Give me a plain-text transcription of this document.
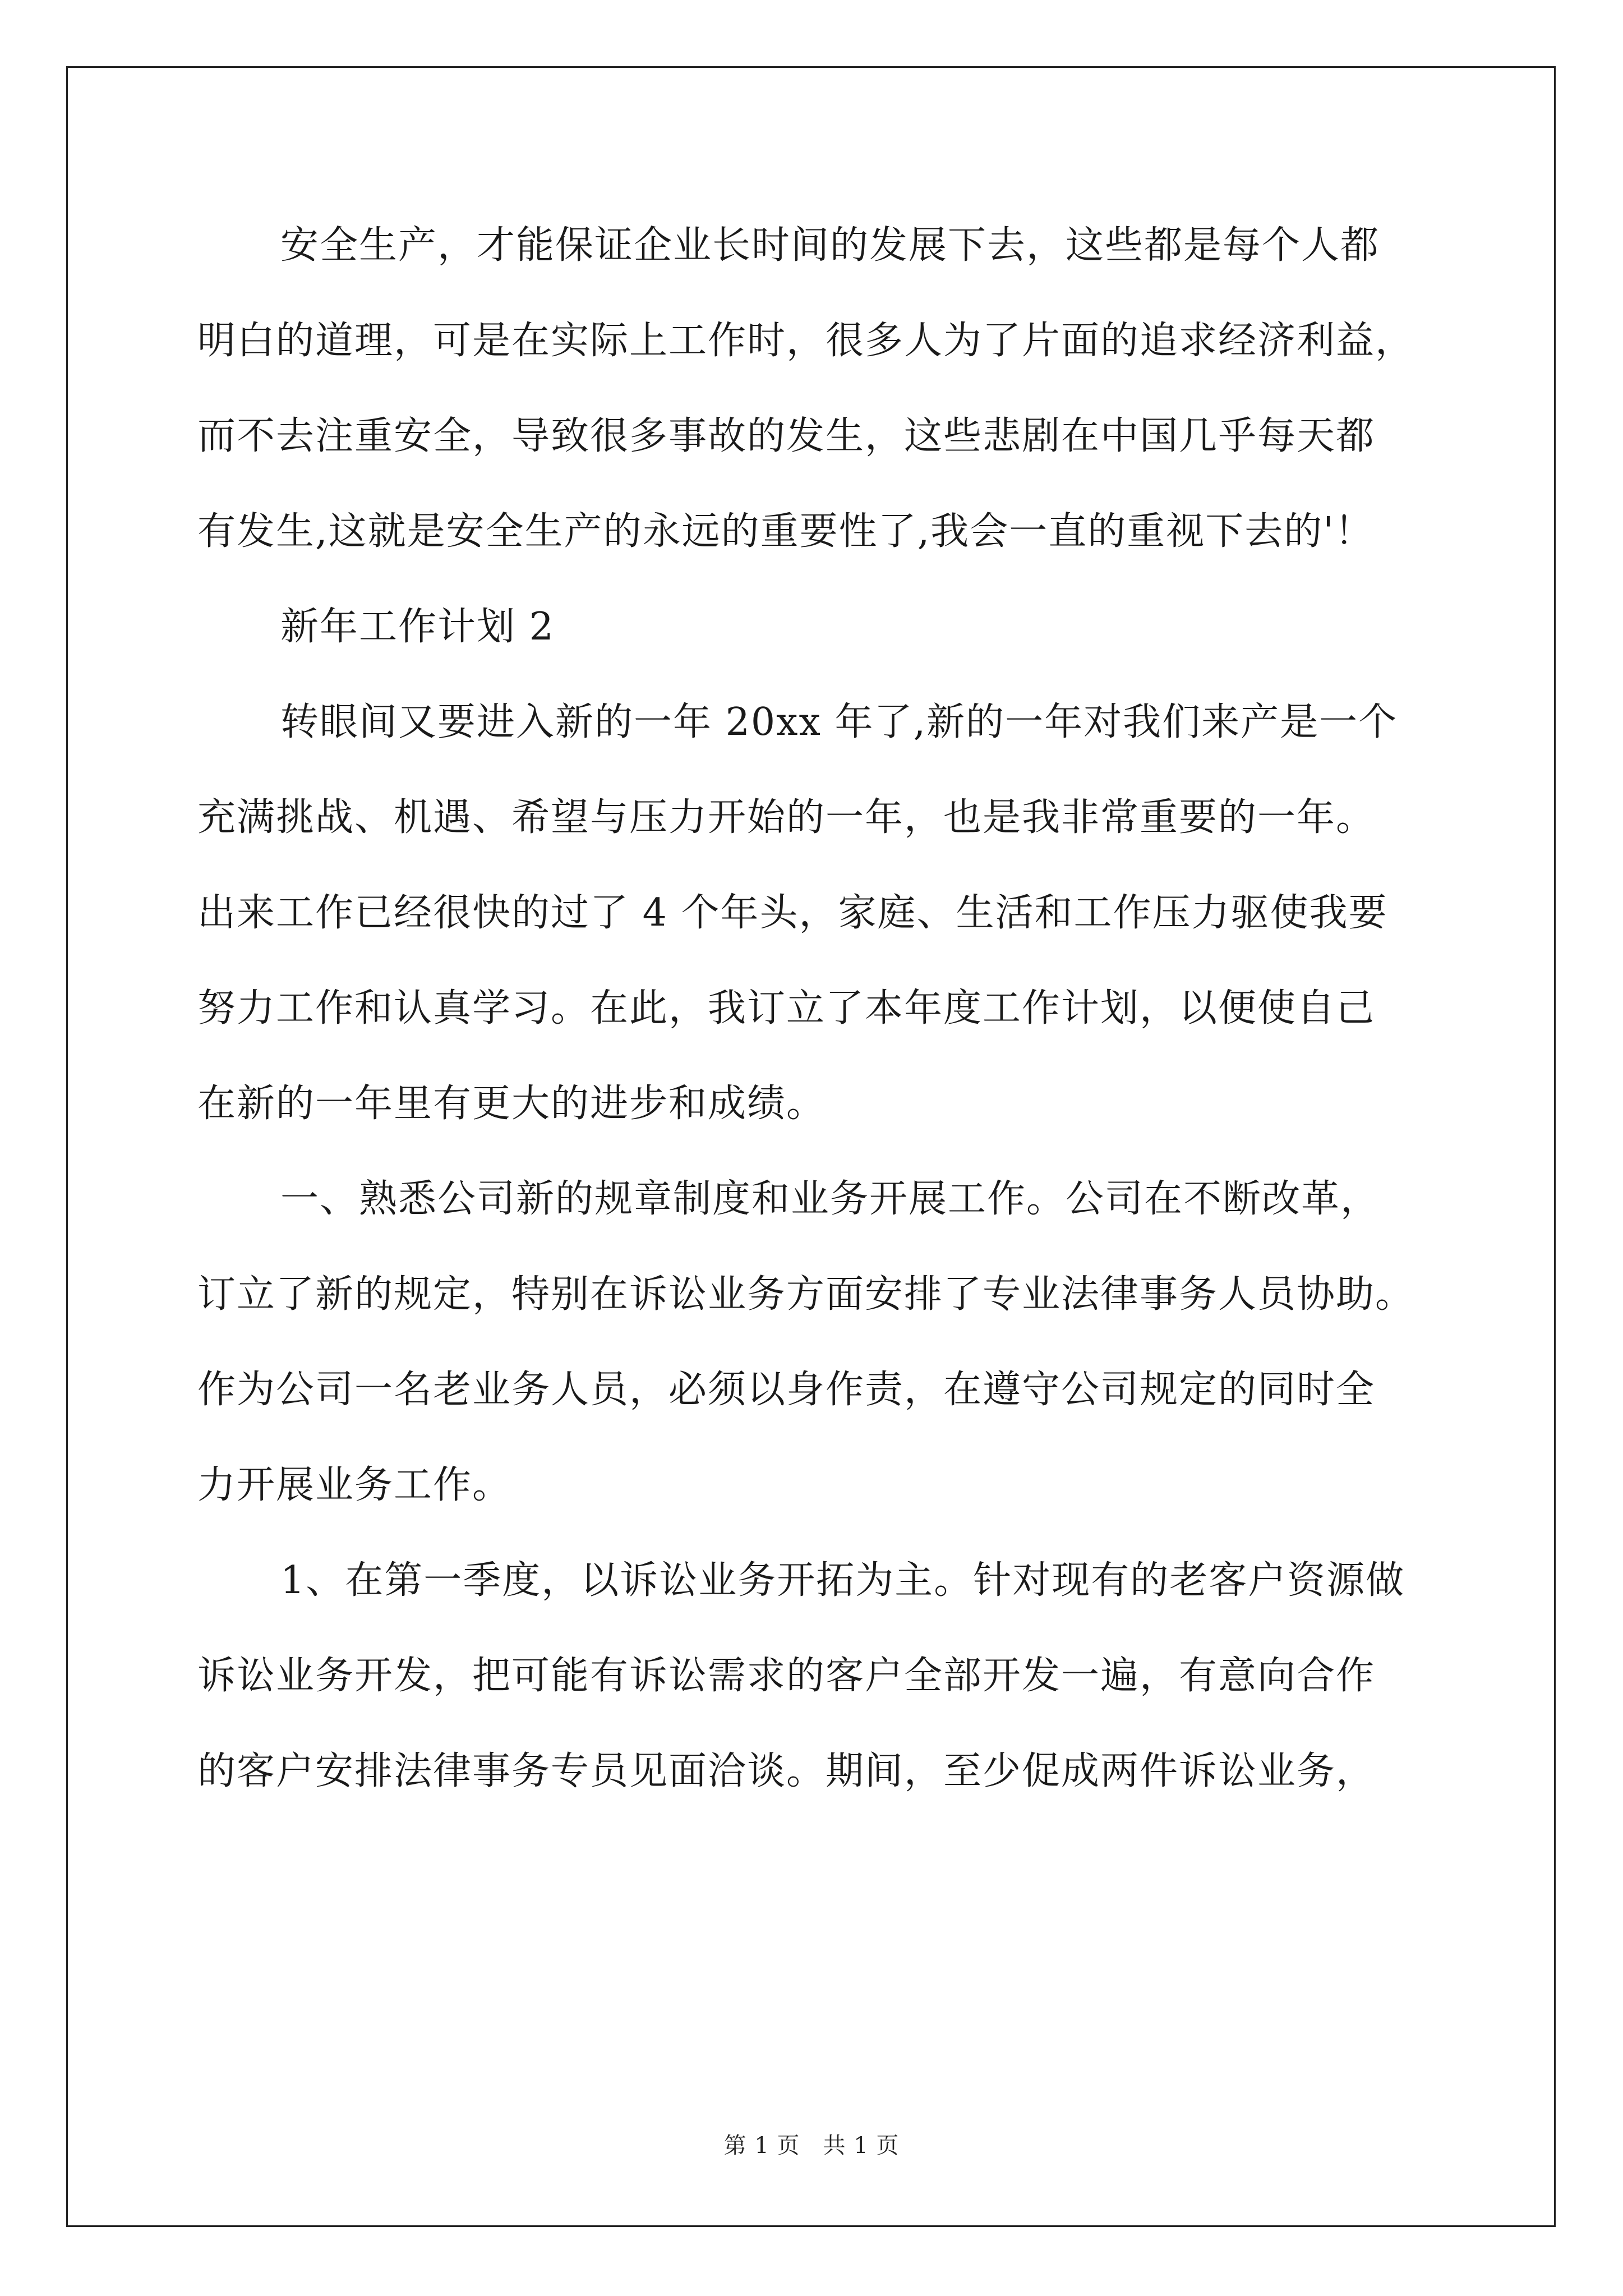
安全生产，才能保证企业长时间的发展下去，这些都是每个人都
明白的道理，可是在实际上工作时，很多人为了片面的追求经济利益，
而不去注重安全，导致很多事故的发生，这些悲剧在中国几乎每天都
有发生,这就是安全生产的永远的重要性了,我会一直的重视下去的'！
新年工作计划 2
转眼间又要进入新的一年 20xx 年了,新的一年对我们来产是一个
充满挑战、机遇、希望与压力开始的一年，也是我非常重要的一年。
出来工作已经很快的过了 4 个年头，家庭、生活和工作压力驱使我要
努力工作和认真学习。在此，我订立了本年度工作计划，以便使自己
在新的一年里有更大的进步和成绩。
一、熟悉公司新的规章制度和业务开展工作。公司在不断改革，
订立了新的规定，特别在诉讼业务方面安排了专业法律事务人员协助。
作为公司一名老业务人员，必须以身作责，在遵守公司规定的同时全
力开展业务工作。
1、在第一季度，以诉讼业务开拓为主。针对现有的老客户资源做
诉讼业务开发，把可能有诉讼需求的客户全部开发一遍，有意向合作
的客户安排法律事务专员见面洽谈。期间，至少促成两件诉讼业务，
第 1 页　共 1 页
